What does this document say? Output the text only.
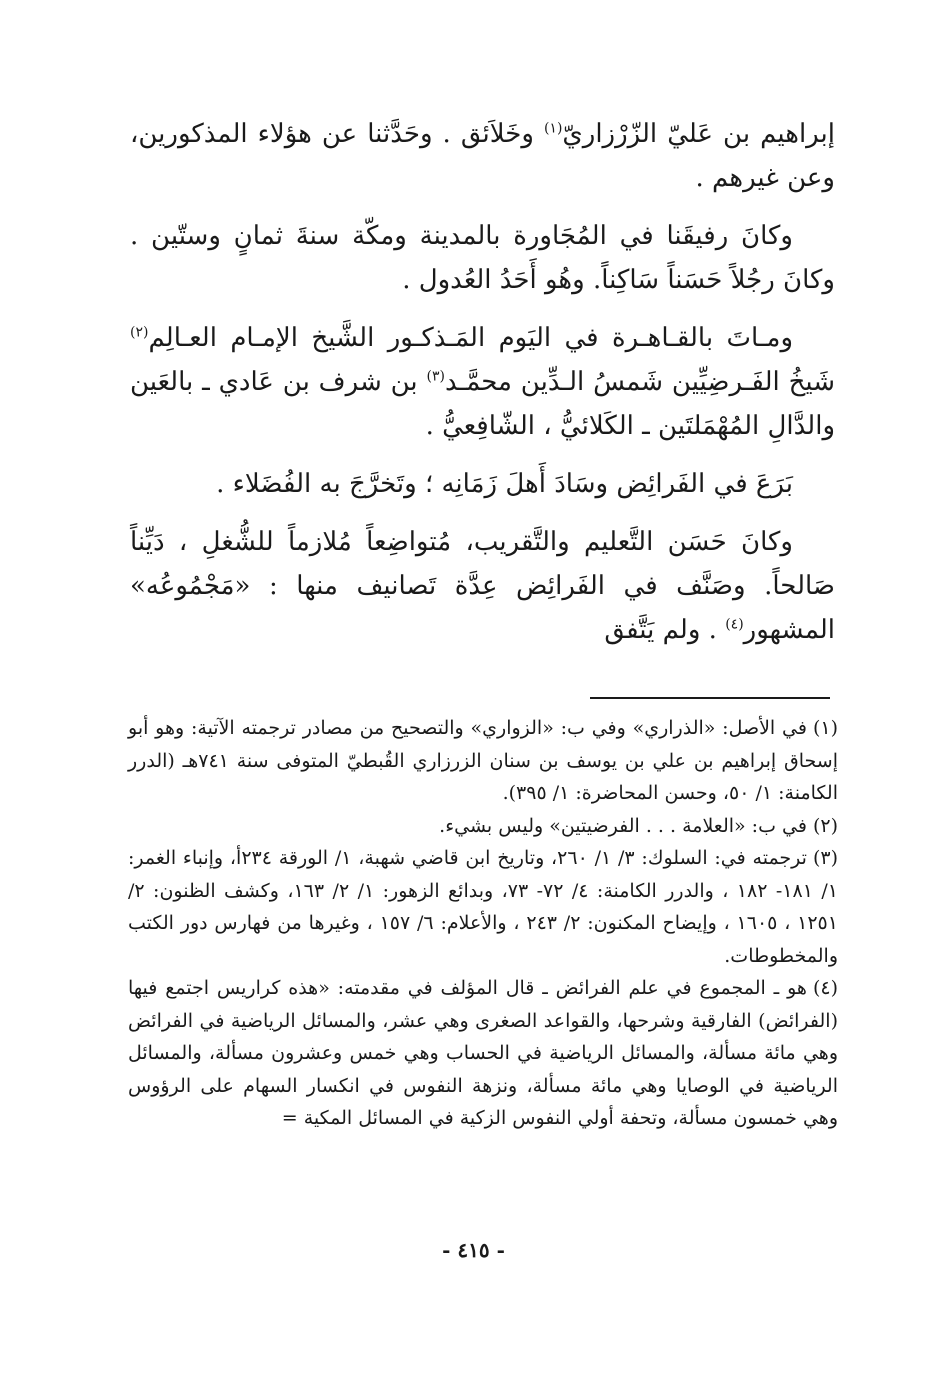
إبراهيم بن عَليّ الزّرْزاريّ$^{(١)}$ وخَلاَئق . وحَدَّثنا عن هؤلاء المذكورين، وعن غيرهم .

وكانَ رفيقَنا في المُجَاورة بالمدينة ومكّة سنةَ ثمانٍ وستّين . وكانَ رجُلاً حَسَناً سَاكِناً. وهُو أَحَدُ العُدول .

ومـاتَ بالقـاهـرة في اليَوم المَـذكـور الشَّيخ الإمـام العـالِم$^{(٢)}$ شَيخُ الفَـرضِيِّين شَمسُ الـدِّين محمَّـد$^{(٣)}$ بن شرف بن عَادي ـ بالعَين والدَّالِ المُهْمَلتَين ـ الكَلائيُّ ، الشّافِعيُّ .

بَرَعَ في الفَرائِض وسَادَ أَهلَ زَمَانِه ؛ وتَخرَّجَ به الفُضَلاء .

وكانَ حَسَن التَّعليم والتَّقريب، مُتواضِعاً مُلازماً للشُّغلِ ، دَيِّناً صَالحاً. وصَنَّف في الفَرائِض عِدَّة تَصانيف منها : «مَجْمُوعُه» المشهور$^{(٤)}$ . ولم يَتَّفق

(١)في الأصل: «الذراري» وفي ب: «الزواري» والتصحيح من مصادر ترجمته الآتية: وهو أبو إسحاق إبراهيم بن علي بن يوسف بن سنان الزرزاري القُبطيّ المتوفى سنة ٧٤١هـ (الدرر الكامنة: ١/ ٥٠، وحسن المحاضرة: ١/ ٣٩٥).

(٢)في ب: «العلامة . . . الفرضيتين» وليس بشيء.

(٣)ترجمته في: السلوك: ٣/ ١/ ٢٦٠، وتاريخ ابن قاضي شهبة، ١/ الورقة ٢٣٤أ، وإنباء الغمر: ١/ ١٨١- ١٨٢ ، والدرر الكامنة: ٤/ ٧٢- ٧٣، وبدائع الزهور: ١/ ٢/ ١٦٣، وكشف الظنون: ٢/ ١٢٥١ ، ١٦٠٥ ، وإيضاح المكنون: ٢/ ٢٤٣ ، والأعلام: ٦/ ١٥٧ ، وغيرها من فهارس دور الكتب والمخطوطات.

(٤)هو ـ المجموع في علم الفرائض ـ قال المؤلف في مقدمته: «هذه كراريس اجتمع فيها (الفرائض) الفارقية وشرحها، والقواعد الصغرى وهي عشر، والمسائل الرياضية في الفرائض وهي مائة مسألة، والمسائل الرياضية في الحساب وهي خمس وعشرون مسألة، والمسائل الرياضية في الوصايا وهي مائة مسألة، ونزهة النفوس في انكسار السهام على الرؤوس وهي خمسون مسألة، وتحفة أولي النفوس الزكية في المسائل المكية =

- ٤١٥ -
